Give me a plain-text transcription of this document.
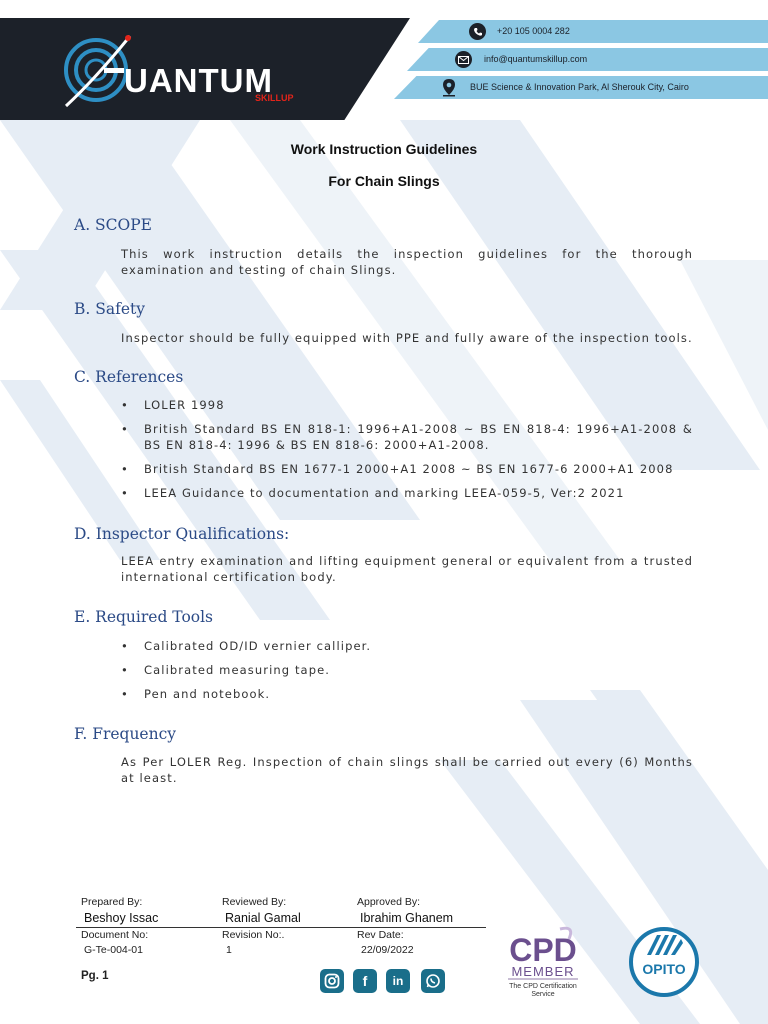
UANTUM
SKILLUP
+20 105 0004 282
info@quantumskillup.com
BUE Science & Innovation Park, Al Sherouk City, Cairo
Work Instruction Guidelines
For Chain Slings
A. SCOPE
This work instruction details the inspection guidelines for the thorough examination and testing of chain Slings.
B. Safety
Inspector should be fully equipped with PPE and fully aware of the inspection tools.
C. References
• LOLER 1998
• British Standard BS EN 818-1: 1996+A1-2008 ~ BS EN 818-4: 1996+A1-2008 & BS EN 818-4: 1996 & BS EN 818-6: 2000+A1-2008.
• British Standard BS EN 1677-1 2000+A1 2008 ~ BS EN 1677-6 2000+A1 2008
• LEEA Guidance to documentation and marking LEEA-059-5, Ver:2 2021
D. Inspector Qualifications:
LEEA entry examination and lifting equipment general or equivalent from a trusted international certification body.
E. Required Tools
• Calibrated OD/ID vernier calliper.
• Calibrated measuring tape.
• Pen and notebook.
F. Frequency
As Per LOLER Reg. Inspection of chain slings shall be carried out every (6) Months at least.
Prepared By:
Beshoy Issac
Reviewed By:
Ranial Gamal
Approved By:
Ibrahim Ghanem
Document No:
G-Te-004-01
Revision No:.
1
Rev Date:
22/09/2022
Pg. 1	f	in
CPD
MEMBER
The CPD Certification
Service
OPITO
